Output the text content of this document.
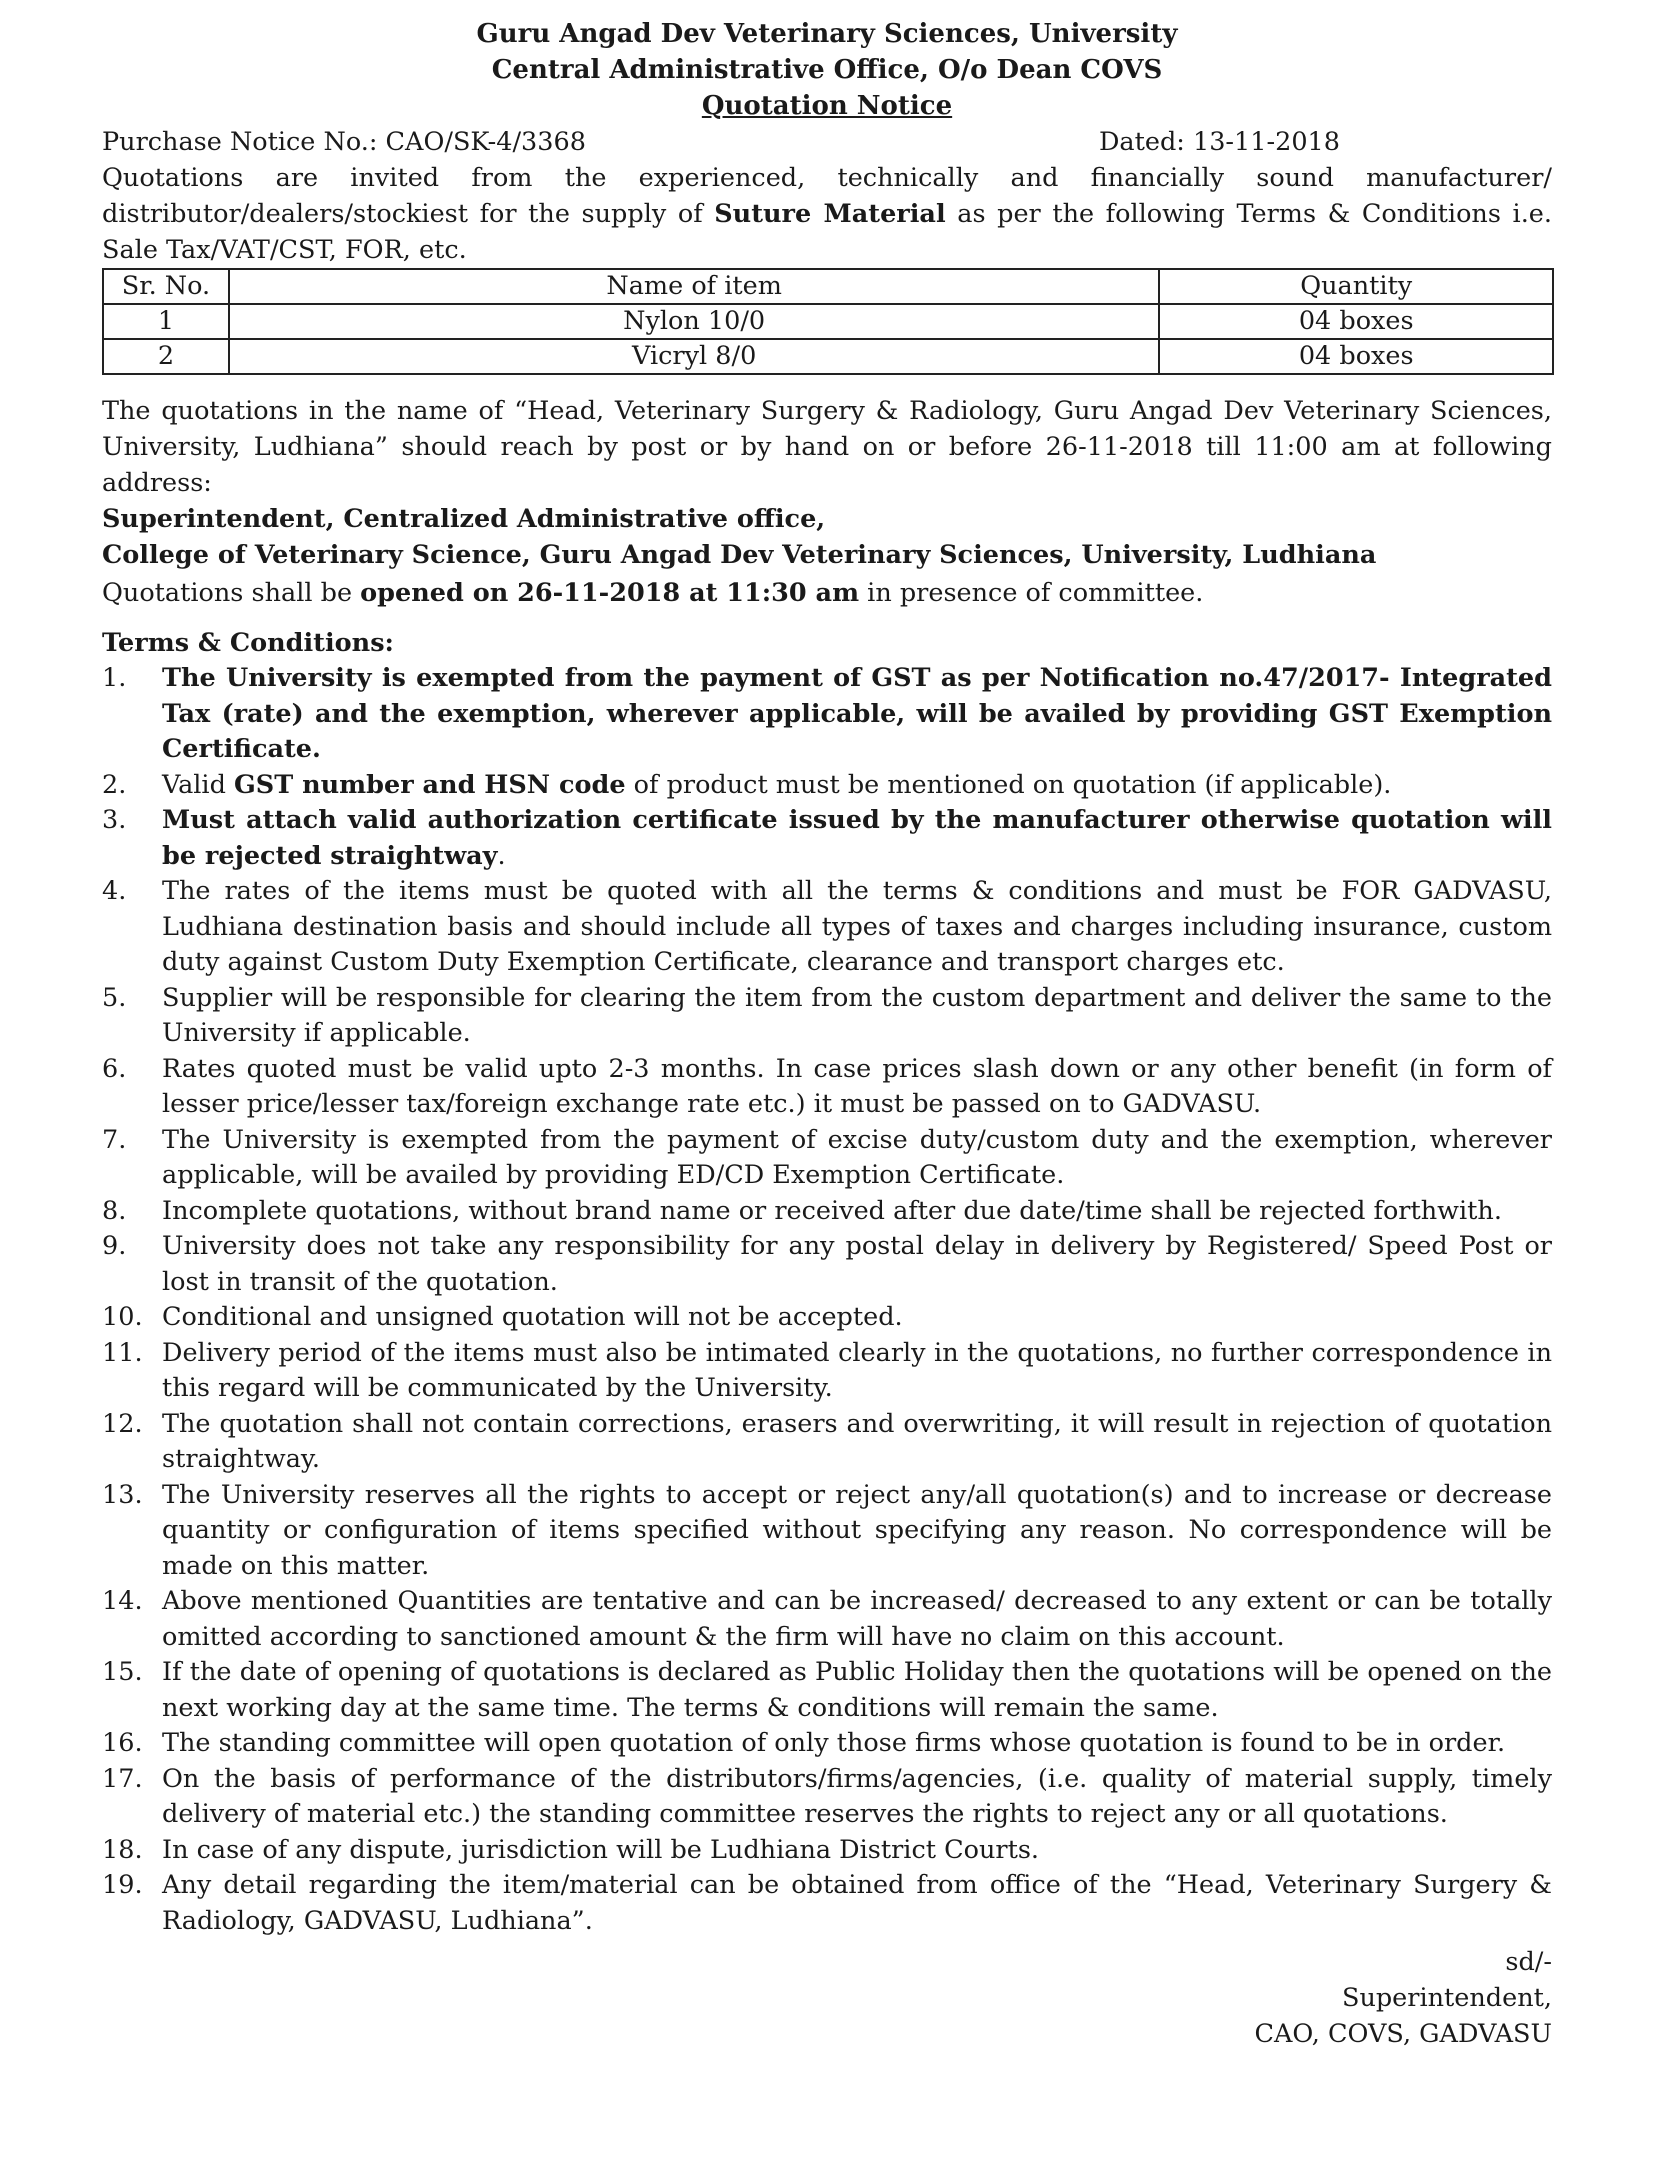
Guru Angad Dev Veterinary Sciences, University
Central Administrative Office, O/o Dean COVS
Quotation Notice
Purchase Notice No.: CAO/SK-4/3368	Dated: 13-11-2018
Quotations are invited from the experienced, technically and financially sound manufacturer/ distributor/dealers/stockiest for the supply of Suture Material as per the following Terms & Conditions i.e. Sale Tax/VAT/CST, FOR, etc.
Sr. No.	Name of item	Quantity
1	Nylon 10/0	04 boxes
2	Vicryl 8/0	04 boxes
The quotations in the name of “Head, Veterinary Surgery & Radiology, Guru Angad Dev Veterinary Sciences, University, Ludhiana” should reach by post or by hand on or before 26-11-2018 till 11:00 am at following address:
Superintendent, Centralized Administrative office,
College of Veterinary Science, Guru Angad Dev Veterinary Sciences, University, Ludhiana
Quotations shall be opened on 26-11-2018 at 11:30 am in presence of committee.
Terms & Conditions:
1.	The University is exempted from the payment of GST as per Notification no.47/2017- Integrated Tax (rate) and the exemption, wherever applicable, will be availed by providing GST Exemption Certificate.
2.	Valid GST number and HSN code of product must be mentioned on quotation (if applicable).
3.	Must attach valid authorization certificate issued by the manufacturer otherwise quotation will be rejected straightway.
4.	The rates of the items must be quoted with all the terms & conditions and must be FOR GADVASU, Ludhiana destination basis and should include all types of taxes and charges including insurance, custom duty against Custom Duty Exemption Certificate, clearance and transport charges etc.
5.	Supplier will be responsible for clearing the item from the custom department and deliver the same to the University if applicable.
6.	Rates quoted must be valid upto 2-3 months. In case prices slash down or any other benefit (in form of lesser price/lesser tax/foreign exchange rate etc.) it must be passed on to GADVASU.
7.	The University is exempted from the payment of excise duty/custom duty and the exemption, wherever applicable, will be availed by providing ED/CD Exemption Certificate.
8.	Incomplete quotations, without brand name or received after due date/time shall be rejected forthwith.
9.	University does not take any responsibility for any postal delay in delivery by Registered/ Speed Post or lost in transit of the quotation.
10. Conditional and unsigned quotation will not be accepted.
11. Delivery period of the items must also be intimated clearly in the quotations, no further correspondence in this regard will be communicated by the University.
12. The quotation shall not contain corrections, erasers and overwriting, it will result in rejection of quotation straightway.
13. The University reserves all the rights to accept or reject any/all quotation(s) and to increase or decrease quantity or configuration of items specified without specifying any reason. No correspondence will be made on this matter.
14. Above mentioned Quantities are tentative and can be increased/ decreased to any extent or can be totally omitted according to sanctioned amount & the firm will have no claim on this account.
15. If the date of opening of quotations is declared as Public Holiday then the quotations will be opened on the next working day at the same time. The terms & conditions will remain the same.
16. The standing committee will open quotation of only those firms whose quotation is found to be in order.
17. On the basis of performance of the distributors/firms/agencies, (i.e. quality of material supply, timely delivery of material etc.) the standing committee reserves the rights to reject any or all quotations.
18. In case of any dispute, jurisdiction will be Ludhiana District Courts.
19. Any detail regarding the item/material can be obtained from office of the “Head, Veterinary Surgery & Radiology, GADVASU, Ludhiana”.
sd/-
Superintendent,
CAO, COVS, GADVASU
